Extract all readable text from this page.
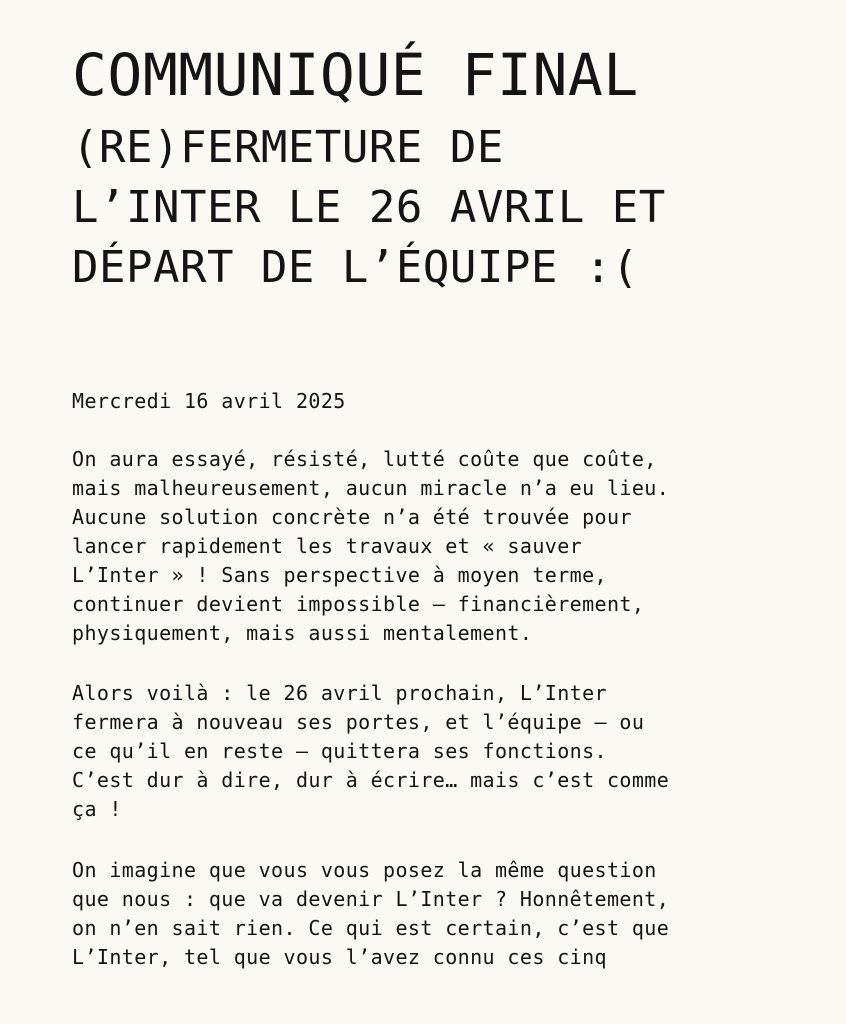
COMMUNIQUÉ FINAL
(RE)FERMETURE DE
L’INTER LE 26 AVRIL ET
DÉPART DE L’ÉQUIPE :(

Mercredi 16 avril 2025

On aura essayé, résisté, lutté coûte que coûte,
mais malheureusement, aucun miracle n’a eu lieu.
Aucune solution concrète n’a été trouvée pour
lancer rapidement les travaux et « sauver
L’Inter » ! Sans perspective à moyen terme,
continuer devient impossible – financièrement,
physiquement, mais aussi mentalement.

Alors voilà : le 26 avril prochain, L’Inter
fermera à nouveau ses portes, et l’équipe — ou
ce qu’il en reste — quittera ses fonctions.
C’est dur à dire, dur à écrire… mais c’est comme
ça !

On imagine que vous vous posez la même question
que nous : que va devenir L’Inter ? Honnêtement,
on n’en sait rien. Ce qui est certain, c’est que
L’Inter, tel que vous l’avez connu ces cinq
